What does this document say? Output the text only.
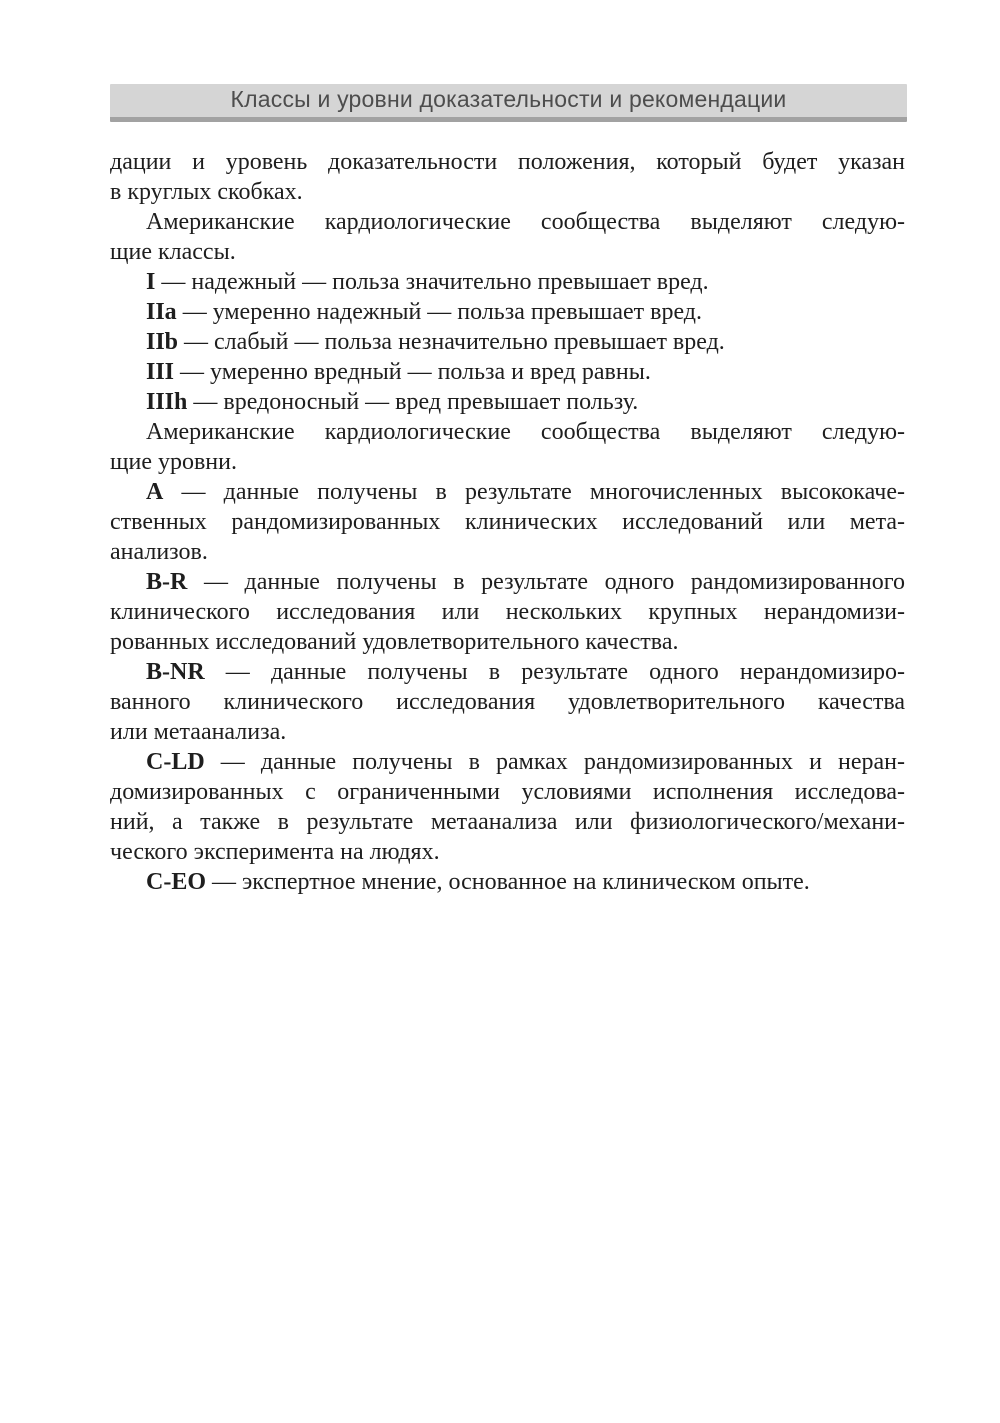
Классы и уровни доказательности и рекомендации

дации и уровень доказательности положения, который будет указан
в круглых скобках.

Американские кардиологические сообщества выделяют следую-
щие классы.

I — надежный — польза значительно превышает вред.

IIa — умеренно надежный — польза превышает вред.

IIb — слабый — польза незначительно превышает вред.

III — умеренно вредный — польза и вред равны.

IIIh — вредоносный — вред превышает пользу.

Американские кардиологические сообщества выделяют следую-
щие уровни.

А — данные получены в результате многочисленных высококаче-
ственных рандомизированных клинических исследований или мета-
анализов.

B-R — данные получены в результате одного рандомизированного
клинического исследования или нескольких крупных нерандомизи-
рованных исследований удовлетворительного качества.

B-NR — данные получены в результате одного нерандомизиро-
ванного клинического исследования удовлетворительного качества
или метаанализа.

C-LD — данные получены в рамках рандомизированных и неран-
домизированных с ограниченными условиями исполнения исследова-
ний, а также в результате метаанализа или физиологического/механи-
ческого эксперимента на людях.

C-EO — экспертное мнение, основанное на клиническом опыте.
